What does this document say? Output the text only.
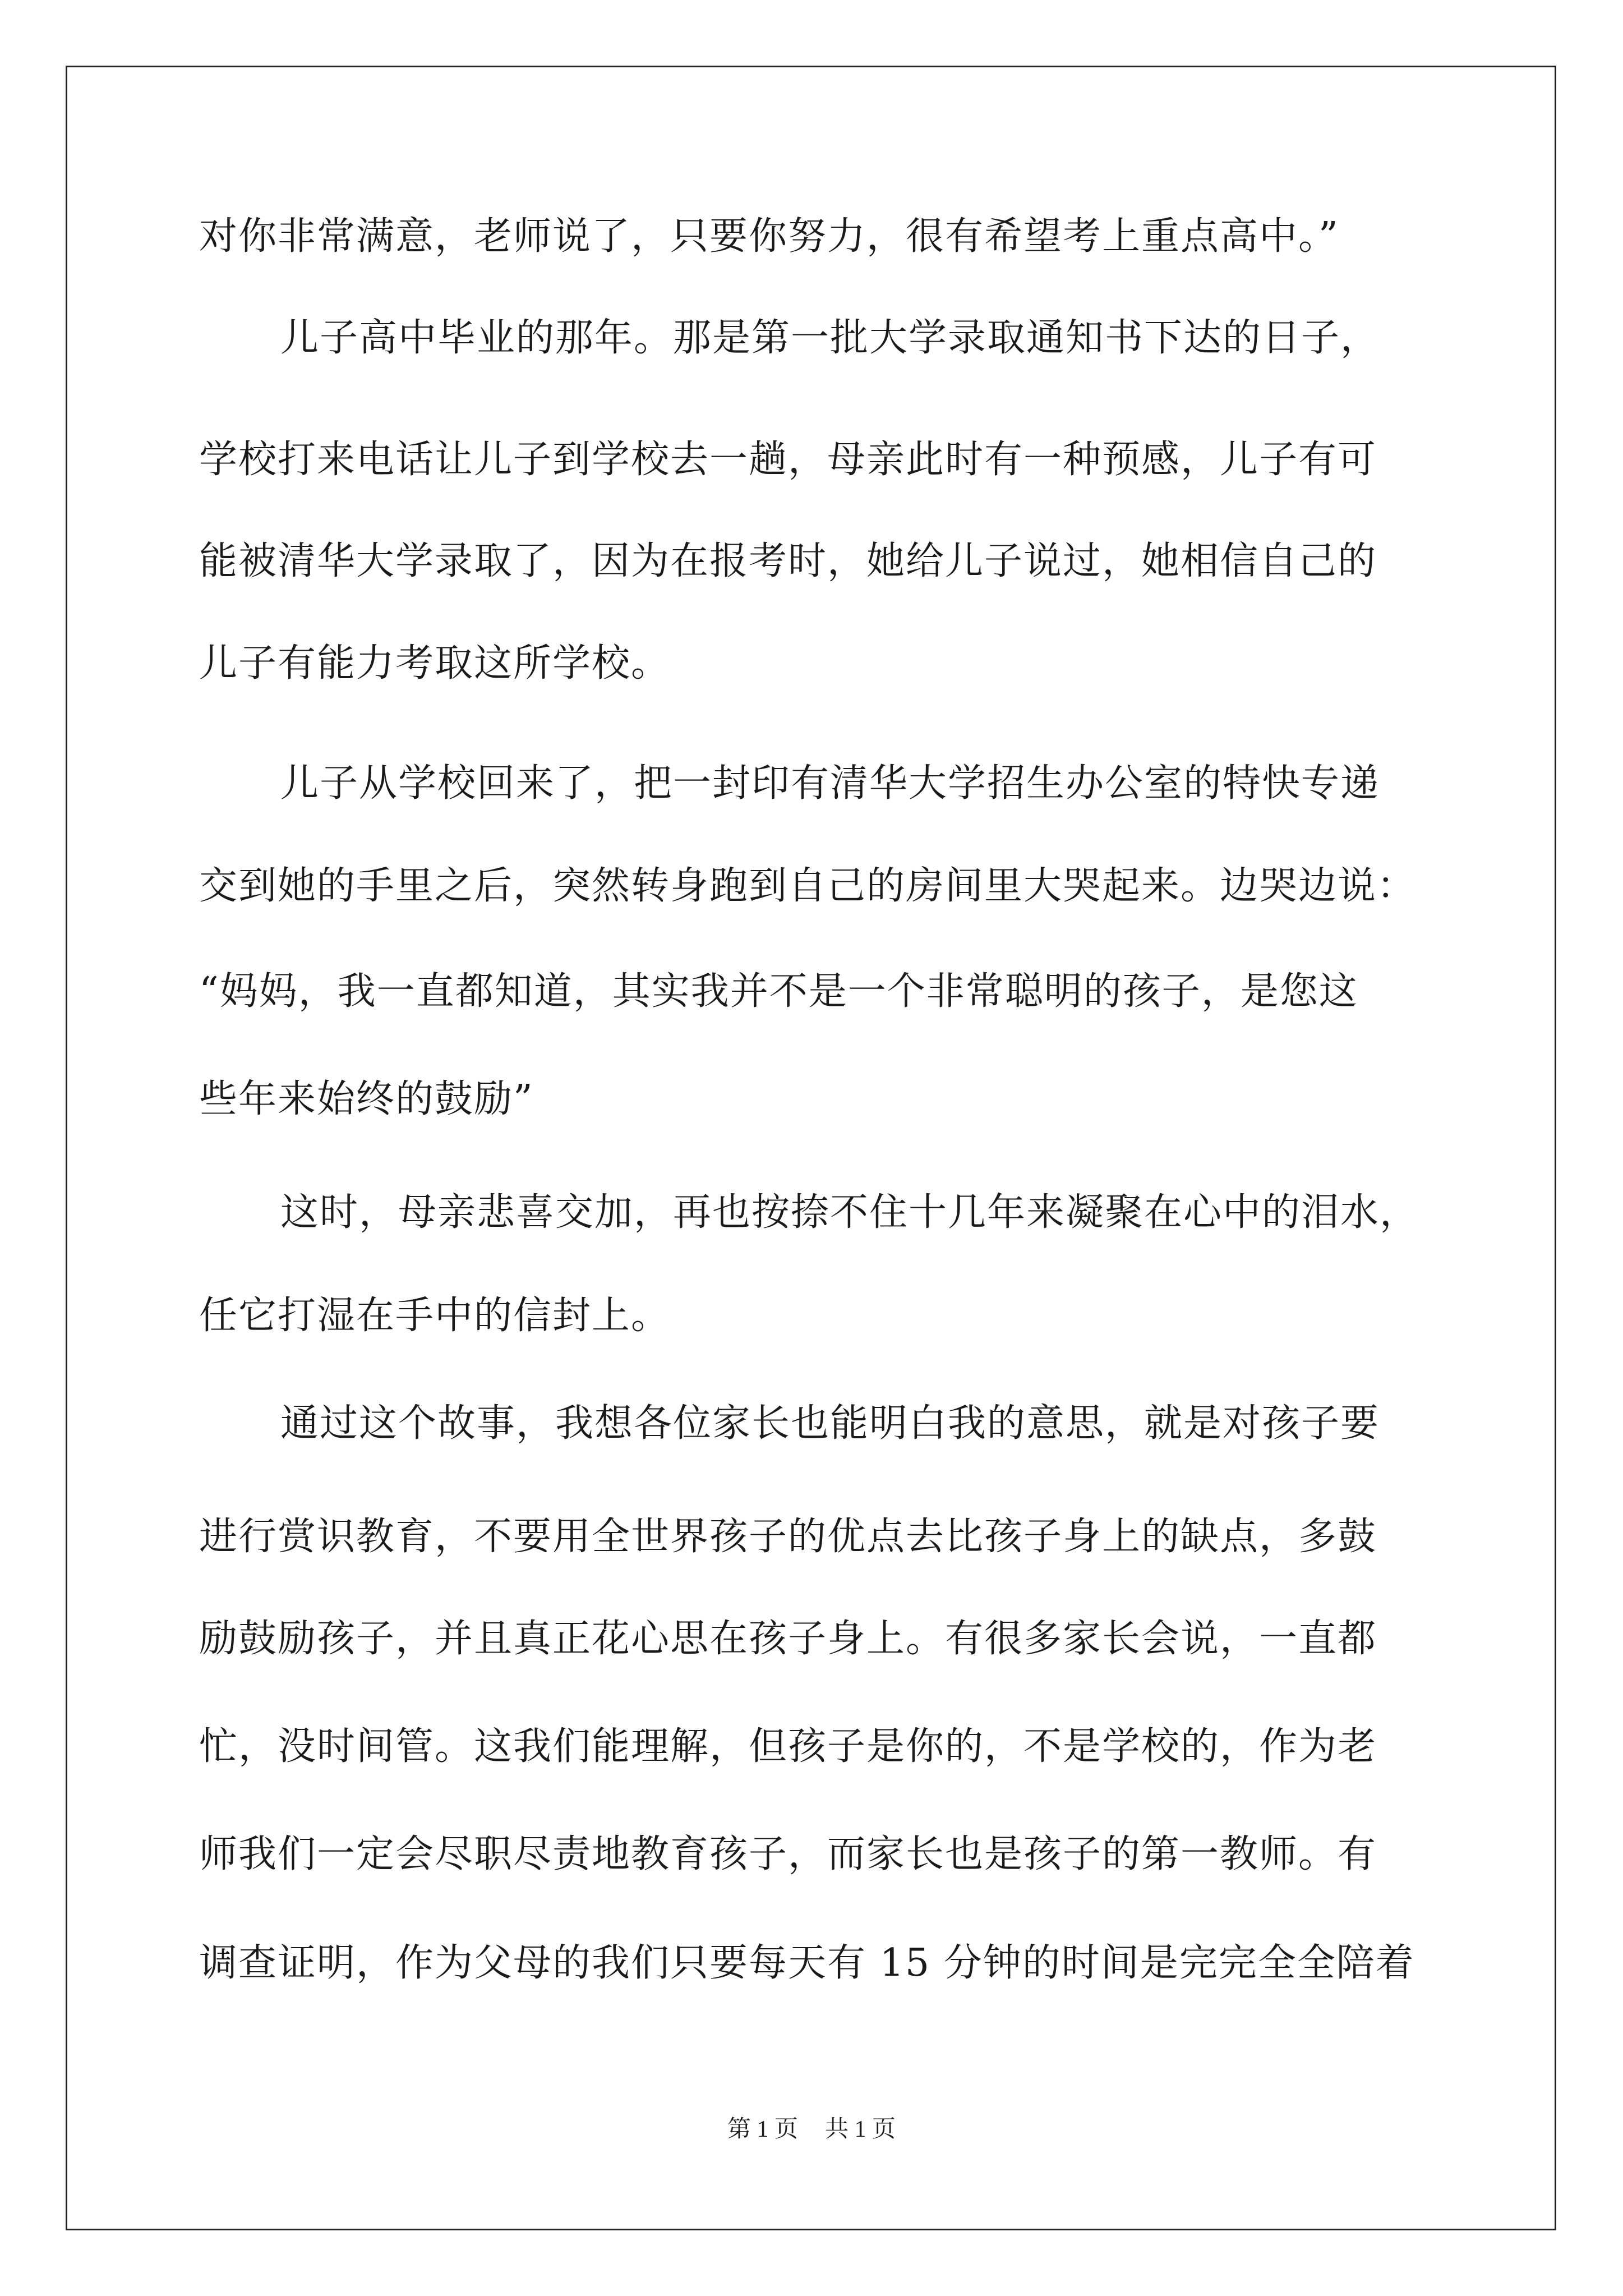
对你非常满意，老师说了，只要你努力，很有希望考上重点高中。”
儿子高中毕业的那年。那是第一批大学录取通知书下达的日子，
学校打来电话让儿子到学校去一趟，母亲此时有一种预感，儿子有可
能被清华大学录取了，因为在报考时，她给儿子说过，她相信自己的
儿子有能力考取这所学校。
儿子从学校回来了，把一封印有清华大学招生办公室的特快专递
交到她的手里之后，突然转身跑到自己的房间里大哭起来。边哭边说：
“妈妈，我一直都知道，其实我并不是一个非常聪明的孩子，是您这
些年来始终的鼓励”
这时，母亲悲喜交加，再也按捺不住十几年来凝聚在心中的泪水，
任它打湿在手中的信封上。
通过这个故事，我想各位家长也能明白我的意思，就是对孩子要
进行赏识教育，不要用全世界孩子的优点去比孩子身上的缺点，多鼓
励鼓励孩子，并且真正花心思在孩子身上。有很多家长会说，一直都
忙，没时间管。这我们能理解，但孩子是你的，不是学校的，作为老
师我们一定会尽职尽责地教育孩子，而家长也是孩子的第一教师。有
调查证明，作为父母的我们只要每天有 15 分钟的时间是完完全全陪着
第 1 页 共 1 页
